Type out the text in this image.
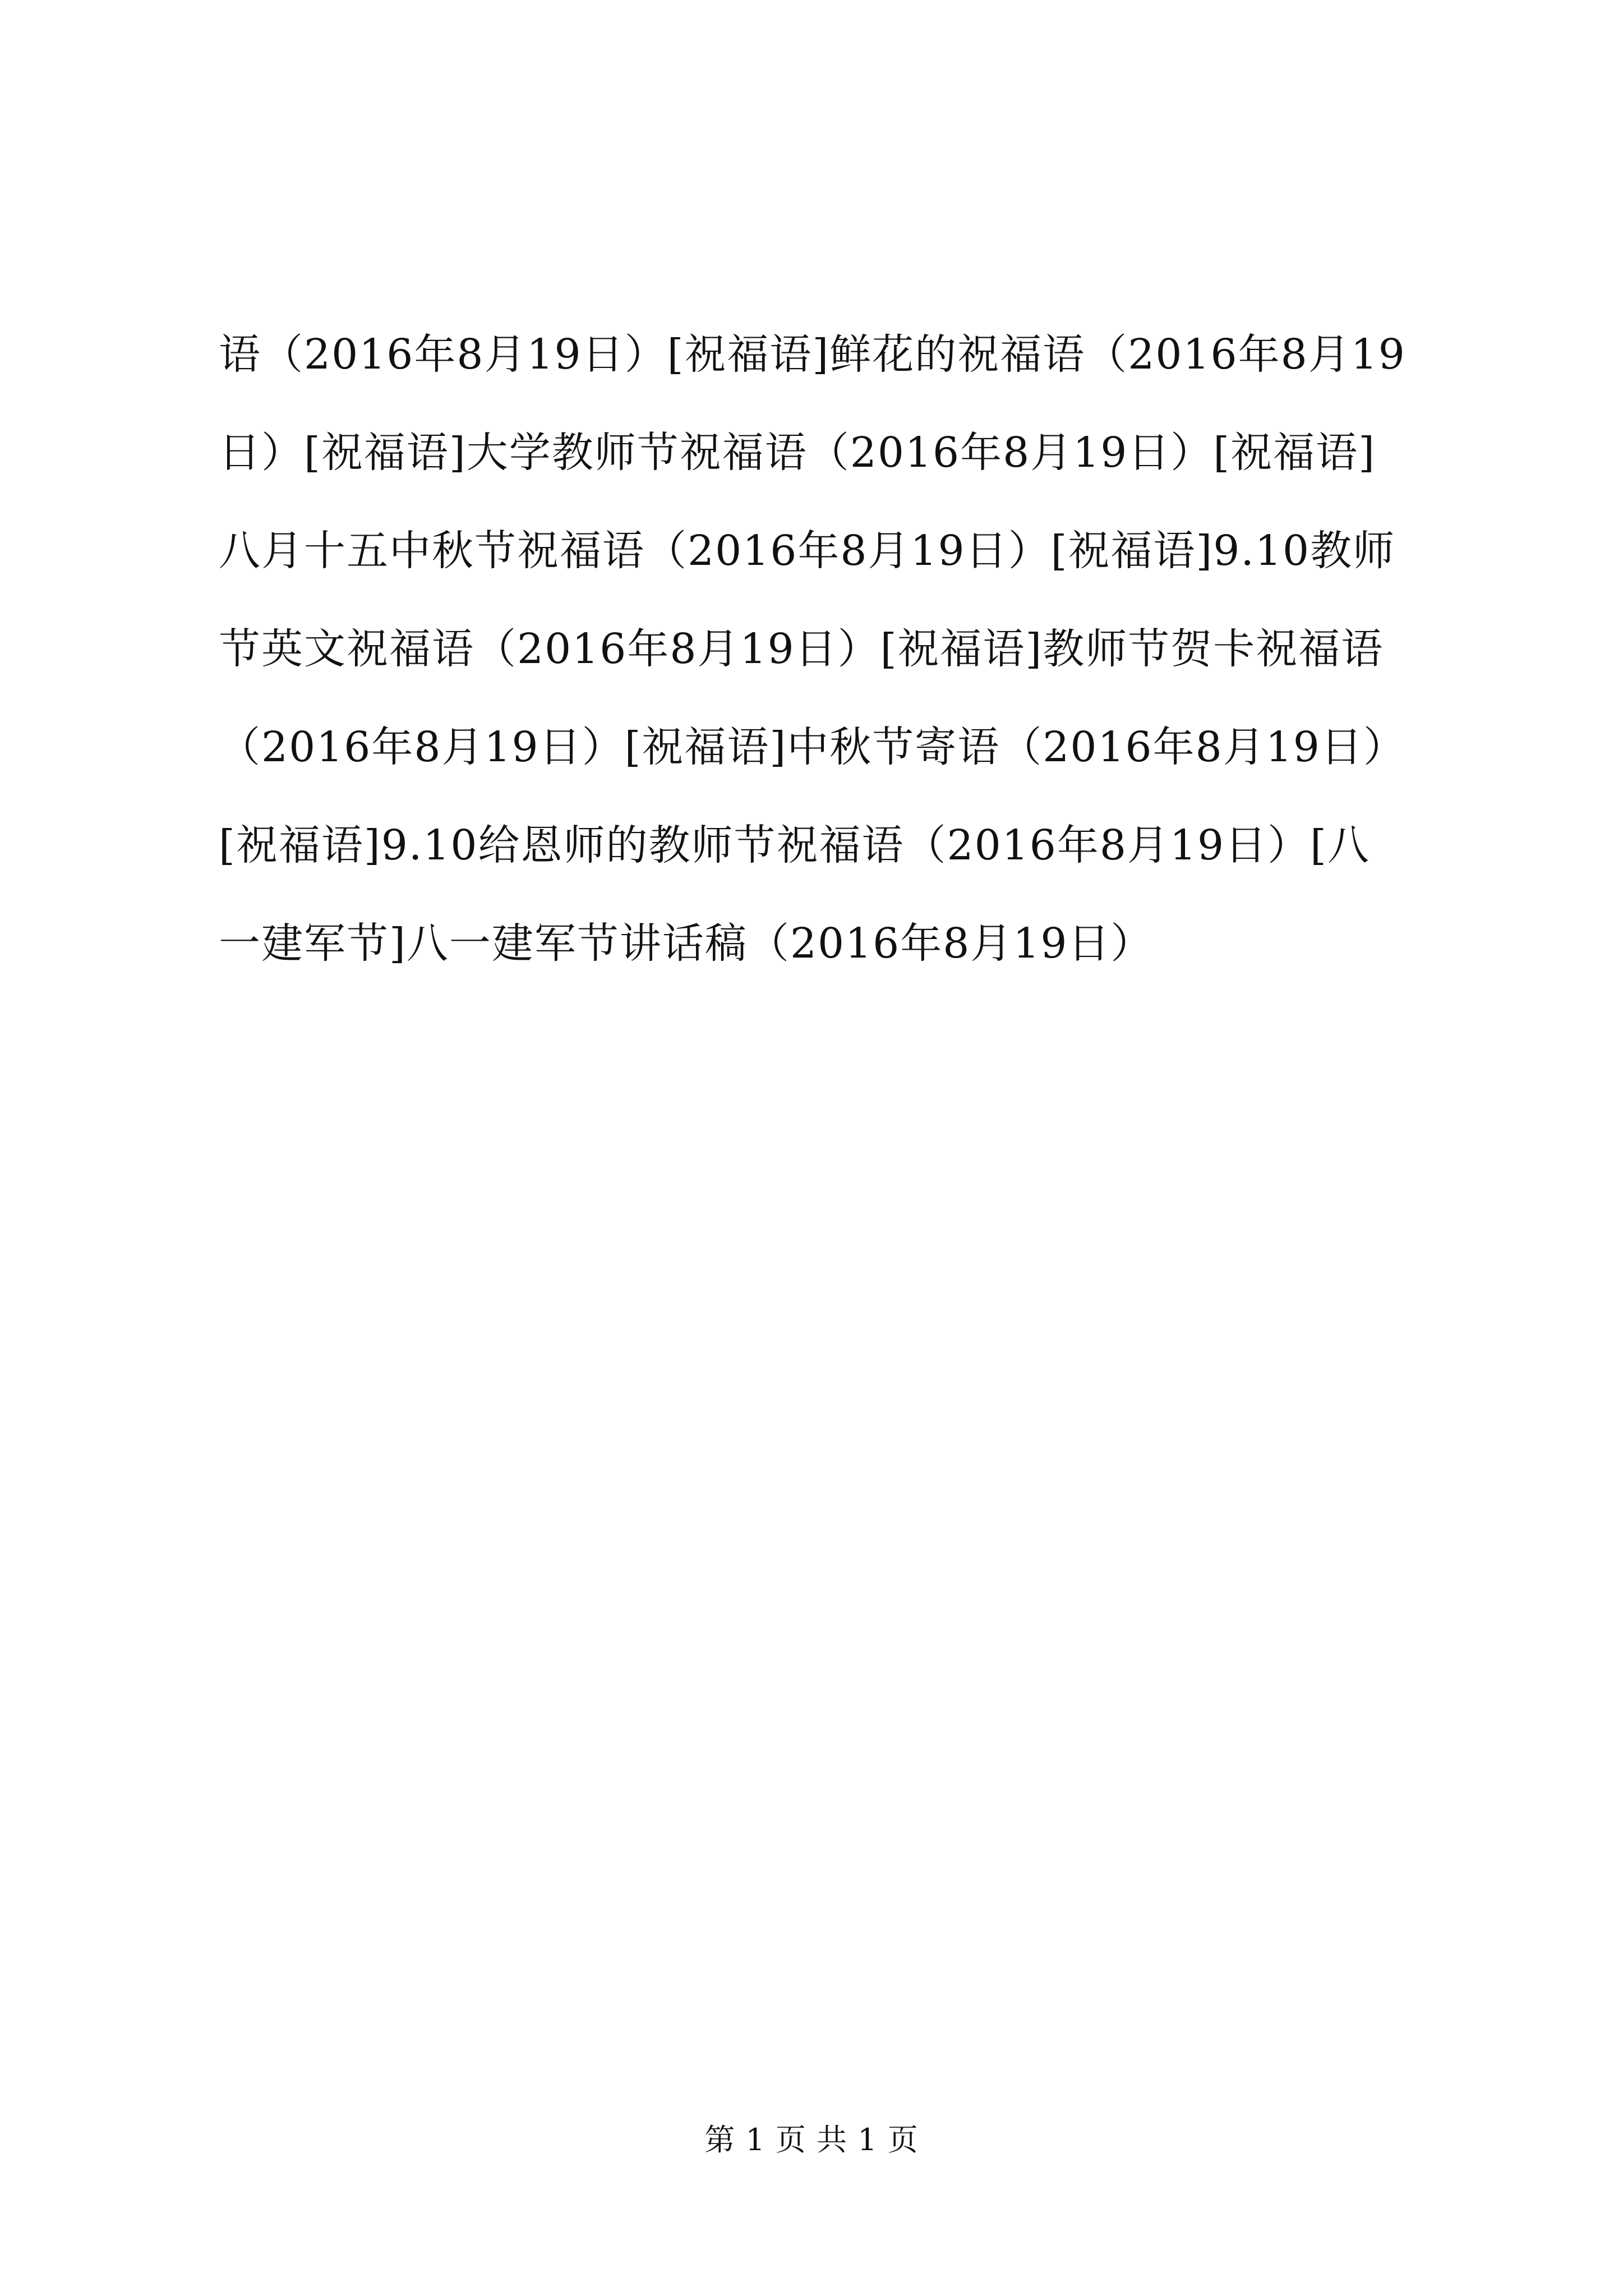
语（2016年8月19日）[祝福语]鲜花的祝福语（2016年8月19
日）[祝福语]大学教师节祝福语（2016年8月19日）[祝福语]
八月十五中秋节祝福语（2016年8月19日）[祝福语]9.10教师
节英文祝福语（2016年8月19日）[祝福语]教师节贺卡祝福语
（2016年8月19日）[祝福语]中秋节寄语（2016年8月19日）
[祝福语]9.10给恩师的教师节祝福语（2016年8月19日）[八
一建军节]八一建军节讲话稿（2016年8月19日）
第 1 页 共 1 页
